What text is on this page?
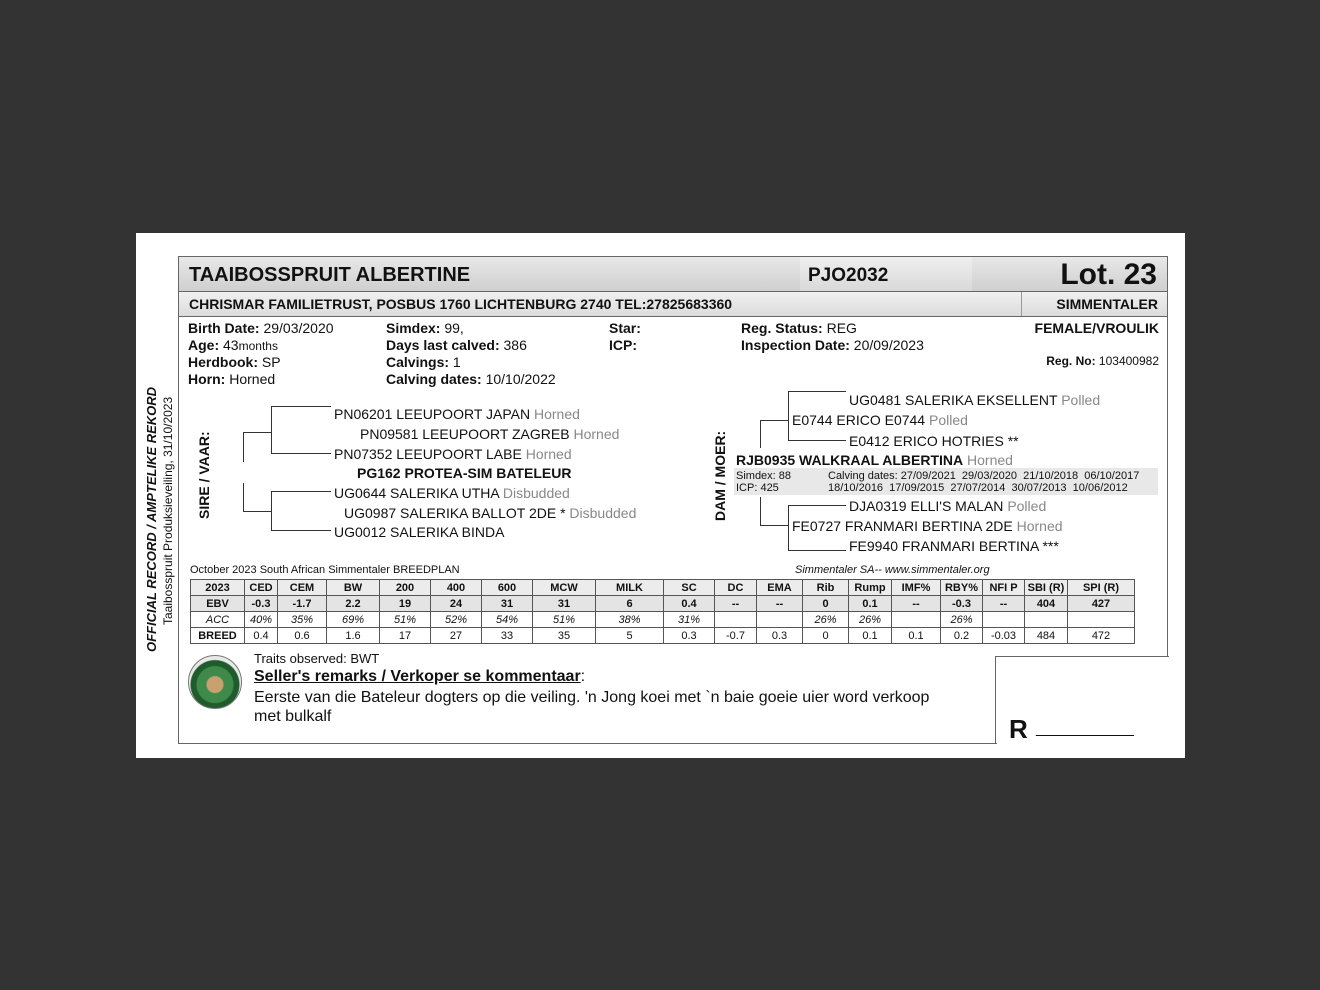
OFFICIAL RECORD / AMPTELIKE REKORD Taaibosspruit Produksieveiling, 31/10/2023
TAAIBOSSPRUIT ALBERTINE	PJO2032	Lot. 23
CHRISMAR FAMILIETRUST, POSBUS 1760 LICHTENBURG 2740 TEL:27825683360	SIMMENTALER
Birth Date: 29/03/2020
Age: 43months
Herdbook: SP
Horn: Horned
Simdex: 99,
Days last calved: 386
Calvings: 1
Calving dates: 10/10/2022
Star:
ICP:
Reg. Status: REG
Inspection Date: 20/09/2023
FEMALE/VROULIK
Reg. No: 103400982
SIRE / VAAR:
PN06201 LEEUPOORT JAPAN Horned
PN09581 LEEUPOORT ZAGREB Horned
PN07352 LEEUPOORT LABE Horned
PG162 PROTEA-SIM BATELEUR
UG0644 SALERIKA UTHA Disbudded
UG0987 SALERIKA BALLOT 2DE * Disbudded
UG0012 SALERIKA BINDA
DAM / MOER:
UG0481 SALERIKA EKSELLENT Polled
E0744 ERICO E0744 Polled
E0412 ERICO HOTRIES **
RJB0935 WALKRAAL ALBERTINA Horned
Simdex: 88
ICP: 425
Calving dates: 27/09/2021  29/03/2020  21/10/2018  06/10/2017
18/10/2016  17/09/2015  27/07/2014  30/07/2013  10/06/2012
DJA0319 ELLI'S MALAN Polled
FE0727 FRANMARI BERTINA 2DE Horned
FE9940 FRANMARI BERTINA ***
October 2023 South African Simmentaler BREEDPLAN	Simmentaler SA-- www.simmentaler.org
2023	CED	CEM	BW	200	400	600	MCW	MILK	SC	DC	EMA	Rib	Rump	IMF%	RBY%	NFI P	SBI (R)	SPI (R)
EBV	-0.3	-1.7	2.2	19	24	31	31	6	0.4	--	--	0	0.1	--	-0.3	--	404	427
ACC	40%	35%	69%	51%	52%	54%	51%	38%	31%			26%	26%		26%			
BREED	0.4	0.6	1.6	17	27	33	35	5	0.3	-0.7	0.3	0	0.1	0.1	0.2	-0.03	484	472
Traits observed: BWT
Seller's remarks / Verkoper se kommentaar:
Eerste van die Bateleur dogters op die veiling. 'n Jong koei met `n baie goeie uier word verkoop
met bulkalf	R ___________
